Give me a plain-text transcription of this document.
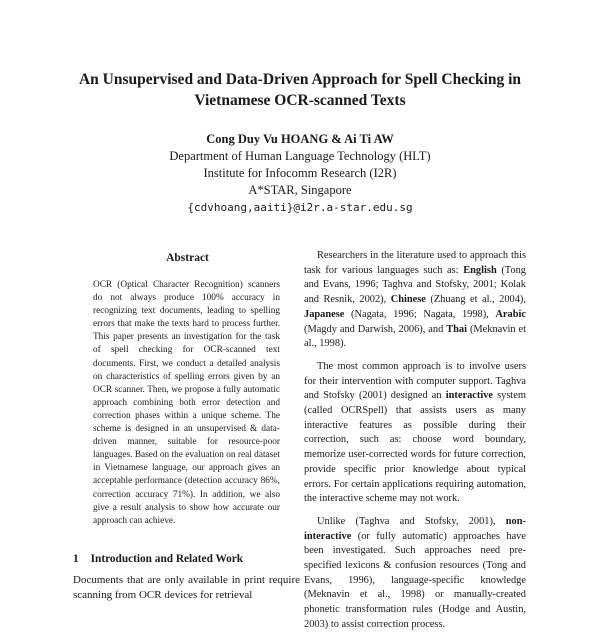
An Unsupervised and Data-Driven Approach for Spell Checking in
Vietnamese OCR-scanned Texts
Cong Duy Vu HOANG & Ai Ti AW
Department of Human Language Technology (HLT)
Institute for Infocomm Research (I2R)
A*STAR, Singapore
{cdvhoang,aaiti}@i2r.a-star.edu.sg
Abstract
OCR (Optical Character Recognition) scanners do not always produce 100% accuracy in recognizing text documents, leading to spelling errors that make the texts hard to process further. This paper presents an investigation for the task of spell checking for OCR-scanned text documents. First, we conduct a detailed analysis on characteristics of spelling errors given by an OCR scanner. Then, we propose a fully automatic approach combining both error detection and correction phases within a unique scheme. The scheme is designed in an unsupervised & data-driven manner, suitable for resource-poor languages. Based on the evaluation on real dataset in Vietnamese language, our approach gives an acceptable performance (detection accuracy 86%, correction accuracy 71%). In addition, we also give a result analysis to show how accurate our approach can achieve.
1 Introduction and Related Work
Documents that are only available in print require scanning from OCR devices for retrieval

Researchers in the literature used to approach this task for various languages such as: English (Tong and Evans, 1996; Taghva and Stofsky, 2001; Kolak and Resnik, 2002), Chinese (Zhuang et al., 2004), Japanese (Nagata, 1996; Nagata, 1998), Arabic (Magdy and Darwish, 2006), and Thai (Meknavin et al., 1998).

The most common approach is to involve users for their intervention with computer support. Taghva and Stofsky (2001) designed an interactive system (called OCRSpell) that assists users as many interactive features as possible during their correction, such as: choose word boundary, memorize user-corrected words for future correction, provide specific prior knowledge about typical errors. For certain applications requiring automation, the interactive scheme may not work.

Unlike (Taghva and Stofsky, 2001), non-interactive (or fully automatic) approaches have been investigated. Such approaches need pre-specified lexicons & confusion resources (Tong and Evans, 1996), language-specific knowledge (Meknavin et al., 1998) or manually-created phonetic transformation rules (Hodge and Austin, 2003) to assist correction process.
